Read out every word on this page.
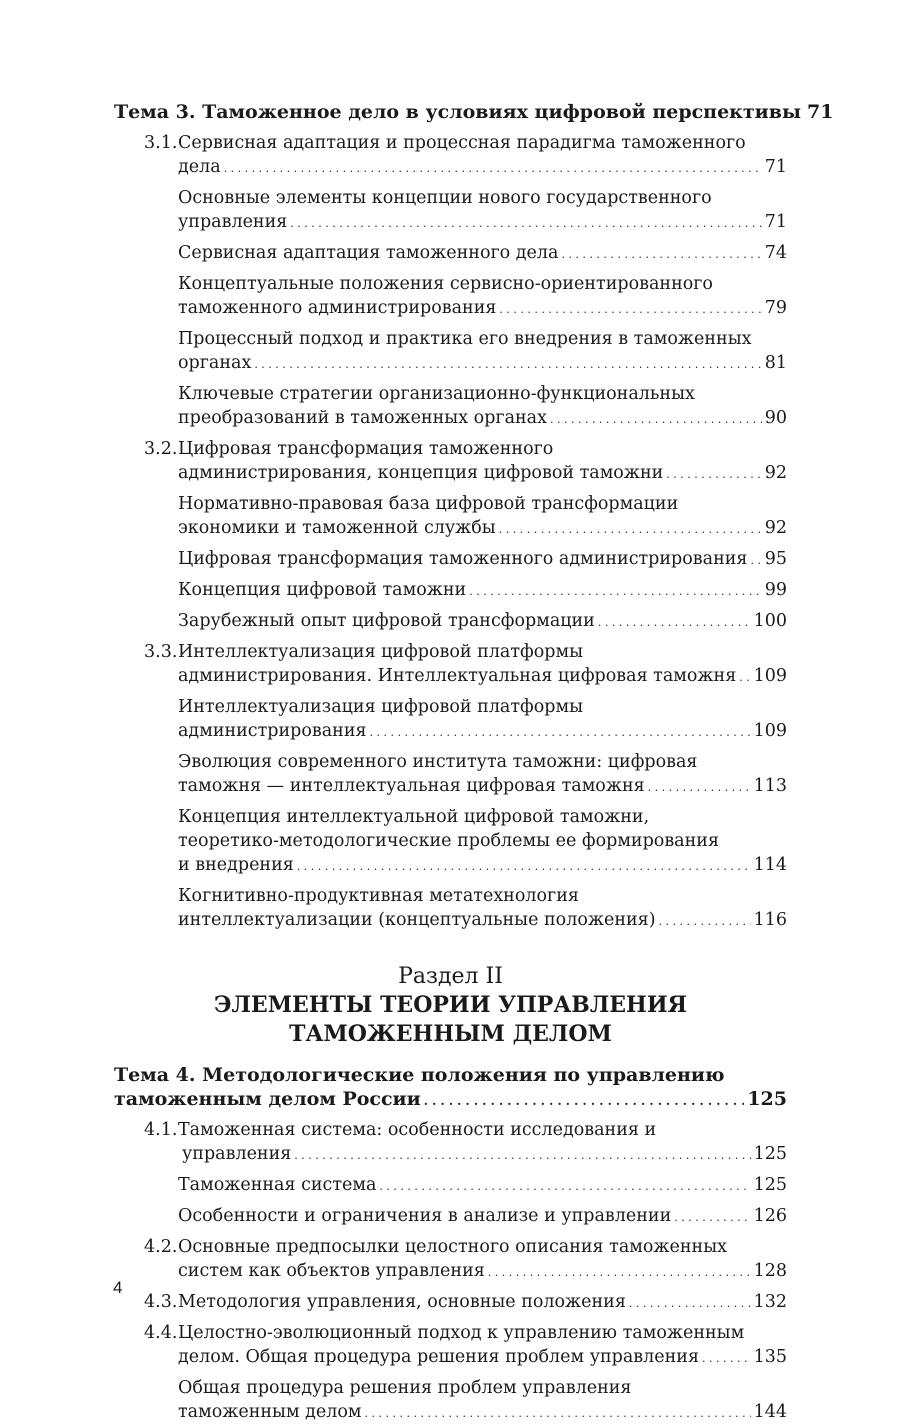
Тема 3. Таможенное дело в условиях цифровой перспективы 71
3.1.Сервисная адаптация и процессная парадигма таможенного
дела . . .	71
Основные элементы концепции нового государственного
управления . . .	71
Сервисная адаптация таможенного дела . . .	74
Концептуальные положения сервисно-ориентированного
таможенного администрирования . . .	79
Процессный подход и практика его внедрения в таможенных
органах . . .	81
Ключевые стратегии организационно-функциональных
преобразований в таможенных органах . . .	90
3.2.Цифровая трансформация таможенного
администрирования, концепция цифровой таможни . . .	92
Нормативно-правовая база цифровой трансформации
экономики и таможенной службы . . .	92
Цифровая трансформация таможенного администрирования . . . 95
Концепция цифровой таможни . . .	99
Зарубежный опыт цифровой трансформации . . .	100
3.3.Интеллектуализация цифровой платформы
администрирования. Интеллектуальная цифровая таможня . . . 109
Интеллектуализация цифровой платформы
администрирования . . .	109
Эволюция современного института таможни: цифровая
таможня — интеллектуальная цифровая таможня . . .	113
Концепция интеллектуальной цифровой таможни,
теоретико-методологические проблемы ее формирования
и внедрения . . .	114
Когнитивно-продуктивная метатехнология
интеллектуализации (концептуальные положения) . . .	116
Раздел II
ЭЛЕМЕНТЫ ТЕОРИИ УПРАВЛЕНИЯ
ТАМОЖЕННЫМ ДЕЛОМ
Тема 4. Методологические положения по управлению
таможенным делом России . . .	125
4.1.Таможенная система: особенности исследования и
управления . . .	125
Таможенная система . . .	125
Особенности и ограничения в анализе и управлении . . .	126
4.2.Основные предпосылки целостного описания таможенных
систем как объектов управления . . .	128
4.3.Методология управления, основные положения . . .	132
4.4.Целостно-эволюционный подход к управлению таможенным
делом. Общая процедура решения проблем управления . . .	135
Общая процедура решения проблем управления
таможенным делом . . .	144
4
